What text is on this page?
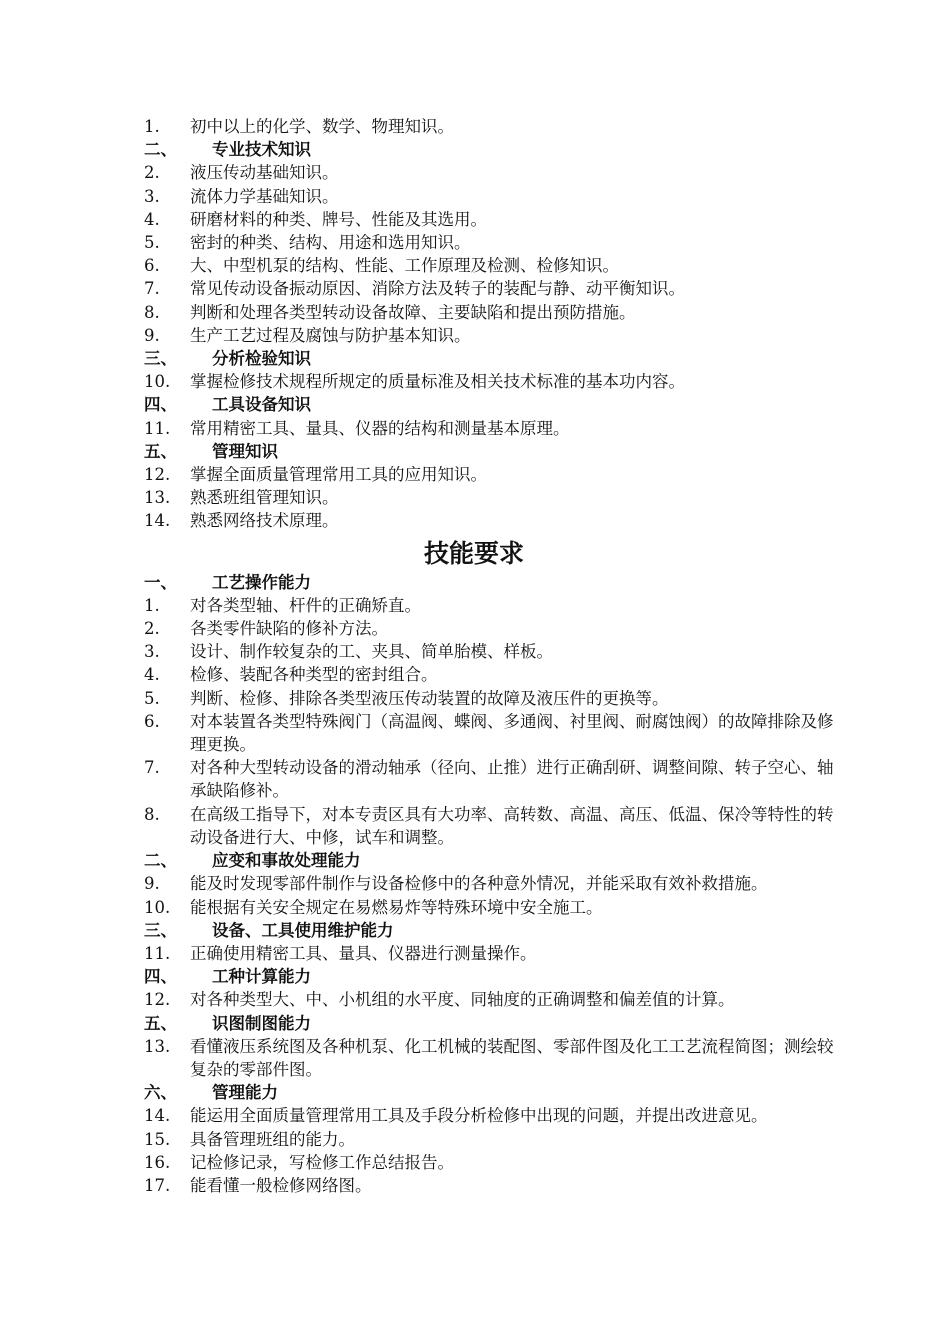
1.	初中以上的化学、数学、物理知识。
二、	专业技术知识
2.	液压传动基础知识。
3.	流体力学基础知识。
4.	研磨材料的种类、牌号、性能及其选用。
5.	密封的种类、结构、用途和选用知识。
6.	大、中型机泵的结构、性能、工作原理及检测、检修知识。
7.	常见传动设备振动原因、消除方法及转子的装配与静、动平衡知识。
8.	判断和处理各类型转动设备故障、主要缺陷和提出预防措施。
9.	生产工艺过程及腐蚀与防护基本知识。
三、	分析检验知识
10.	掌握检修技术规程所规定的质量标准及相关技术标准的基本功内容。
四、	工具设备知识
11.	常用精密工具、量具、仪器的结构和测量基本原理。
五、	管理知识
12.	掌握全面质量管理常用工具的应用知识。
13.	熟悉班组管理知识。
14.	熟悉网络技术原理。
技能要求
一、	工艺操作能力
1.	对各类型轴、杆件的正确矫直。
2.	各类零件缺陷的修补方法。
3.	设计、制作较复杂的工、夹具、简单胎模、样板。
4.	检修、装配各种类型的密封组合。
5.	判断、检修、排除各类型液压传动装置的故障及液压件的更换等。
6.	对本装置各类型特殊阀门（高温阀、蝶阀、多通阀、衬里阀、耐腐蚀阀）的故障排除及修理更换。
7.	对各种大型转动设备的滑动轴承（径向、止推）进行正确刮研、调整间隙、转子空心、轴承缺陷修补。
8.	在高级工指导下，对本专责区具有大功率、高转数、高温、高压、低温、保冷等特性的转动设备进行大、中修，试车和调整。
二、	应变和事故处理能力
9.	能及时发现零部件制作与设备检修中的各种意外情况，并能采取有效补救措施。
10.	能根据有关安全规定在易燃易炸等特殊环境中安全施工。
三、	设备、工具使用维护能力
11.	正确使用精密工具、量具、仪器进行测量操作。
四、	工种计算能力
12.	对各种类型大、中、小机组的水平度、同轴度的正确调整和偏差值的计算。
五、	识图制图能力
13.	看懂液压系统图及各种机泵、化工机械的装配图、零部件图及化工工艺流程简图；测绘较复杂的零部件图。
六、	管理能力
14.	能运用全面质量管理常用工具及手段分析检修中出现的问题，并提出改进意见。
15.	具备管理班组的能力。
16.	记检修记录，写检修工作总结报告。
17.	能看懂一般检修网络图。
